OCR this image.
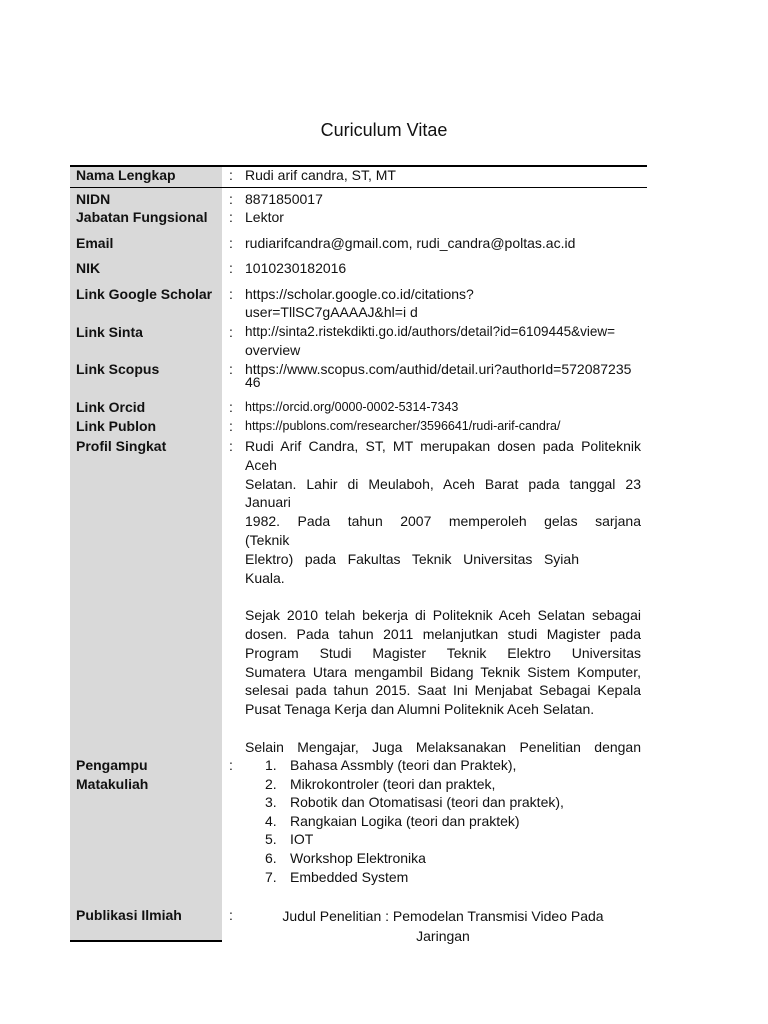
Curiculum Vitae
Nama Lengkap	: Rudi arif candra, ST, MT
NIDN	: 8871850017
Jabatan Fungsional : Lektor
Email	: rudiarifcandra@gmail.com, rudi_candra@poltas.ac.id
NIK	: 1010230182016
Link Google Scholar : https://scholar.google.co.id/citations?
user=TllSC7gAAAAJ&hl=i d
Link Sinta	: http://sinta2.ristekdikti.go.id/authors/detail?id=6109445&view=
overview
Link Scopus	: https://www.scopus.com/authid/detail.uri?authorId=572087235
46
Link Orcid	: https://orcid.org/0000-0002-5314-7343
Link Publon	: https://publons.com/researcher/3596641/rudi-arif-candra/
Profil Singkat	: Rudi Arif Candra, ST, MT merupakan dosen pada Politeknik

Aceh

Selatan. Lahir di Meulaboh, Aceh Barat pada tanggal 23

Januari

1982. Pada tahun 2007 memperoleh gelas sarjana

(Teknik

Elektro) pada Fakultas Teknik Universitas Syiah

Kuala.

Sejak 2010 telah bekerja di Politeknik Aceh Selatan sebagai

dosen. Pada tahun 2011 melanjutkan studi Magister pada

Program Studi Magister Teknik Elektro Universitas

Sumatera Utara mengambil Bidang Teknik Sistem Komputer,

selesai pada tahun 2015. Saat Ini Menjabat Sebagai Kepala

Pusat Tenaga Kerja dan Alumni Politeknik Aceh Selatan.

Selain Mengajar, Juga Melaksanakan Penelitian dengan

Pengampu
Matakuliah
: 1. Bahasa Assmbly (teori dan Praktek),
2. Mikrokontroler (teori dan praktek,
3. Robotik dan Otomatisasi (teori dan praktek),
4. Rangkaian Logika (teori dan praktek)
5. IOT
6. Workshop Elektronika
7. Embedded System
Publikasi Ilmiah	:	Judul Penelitian : Pemodelan Transmisi Video Pada
Jaringan
